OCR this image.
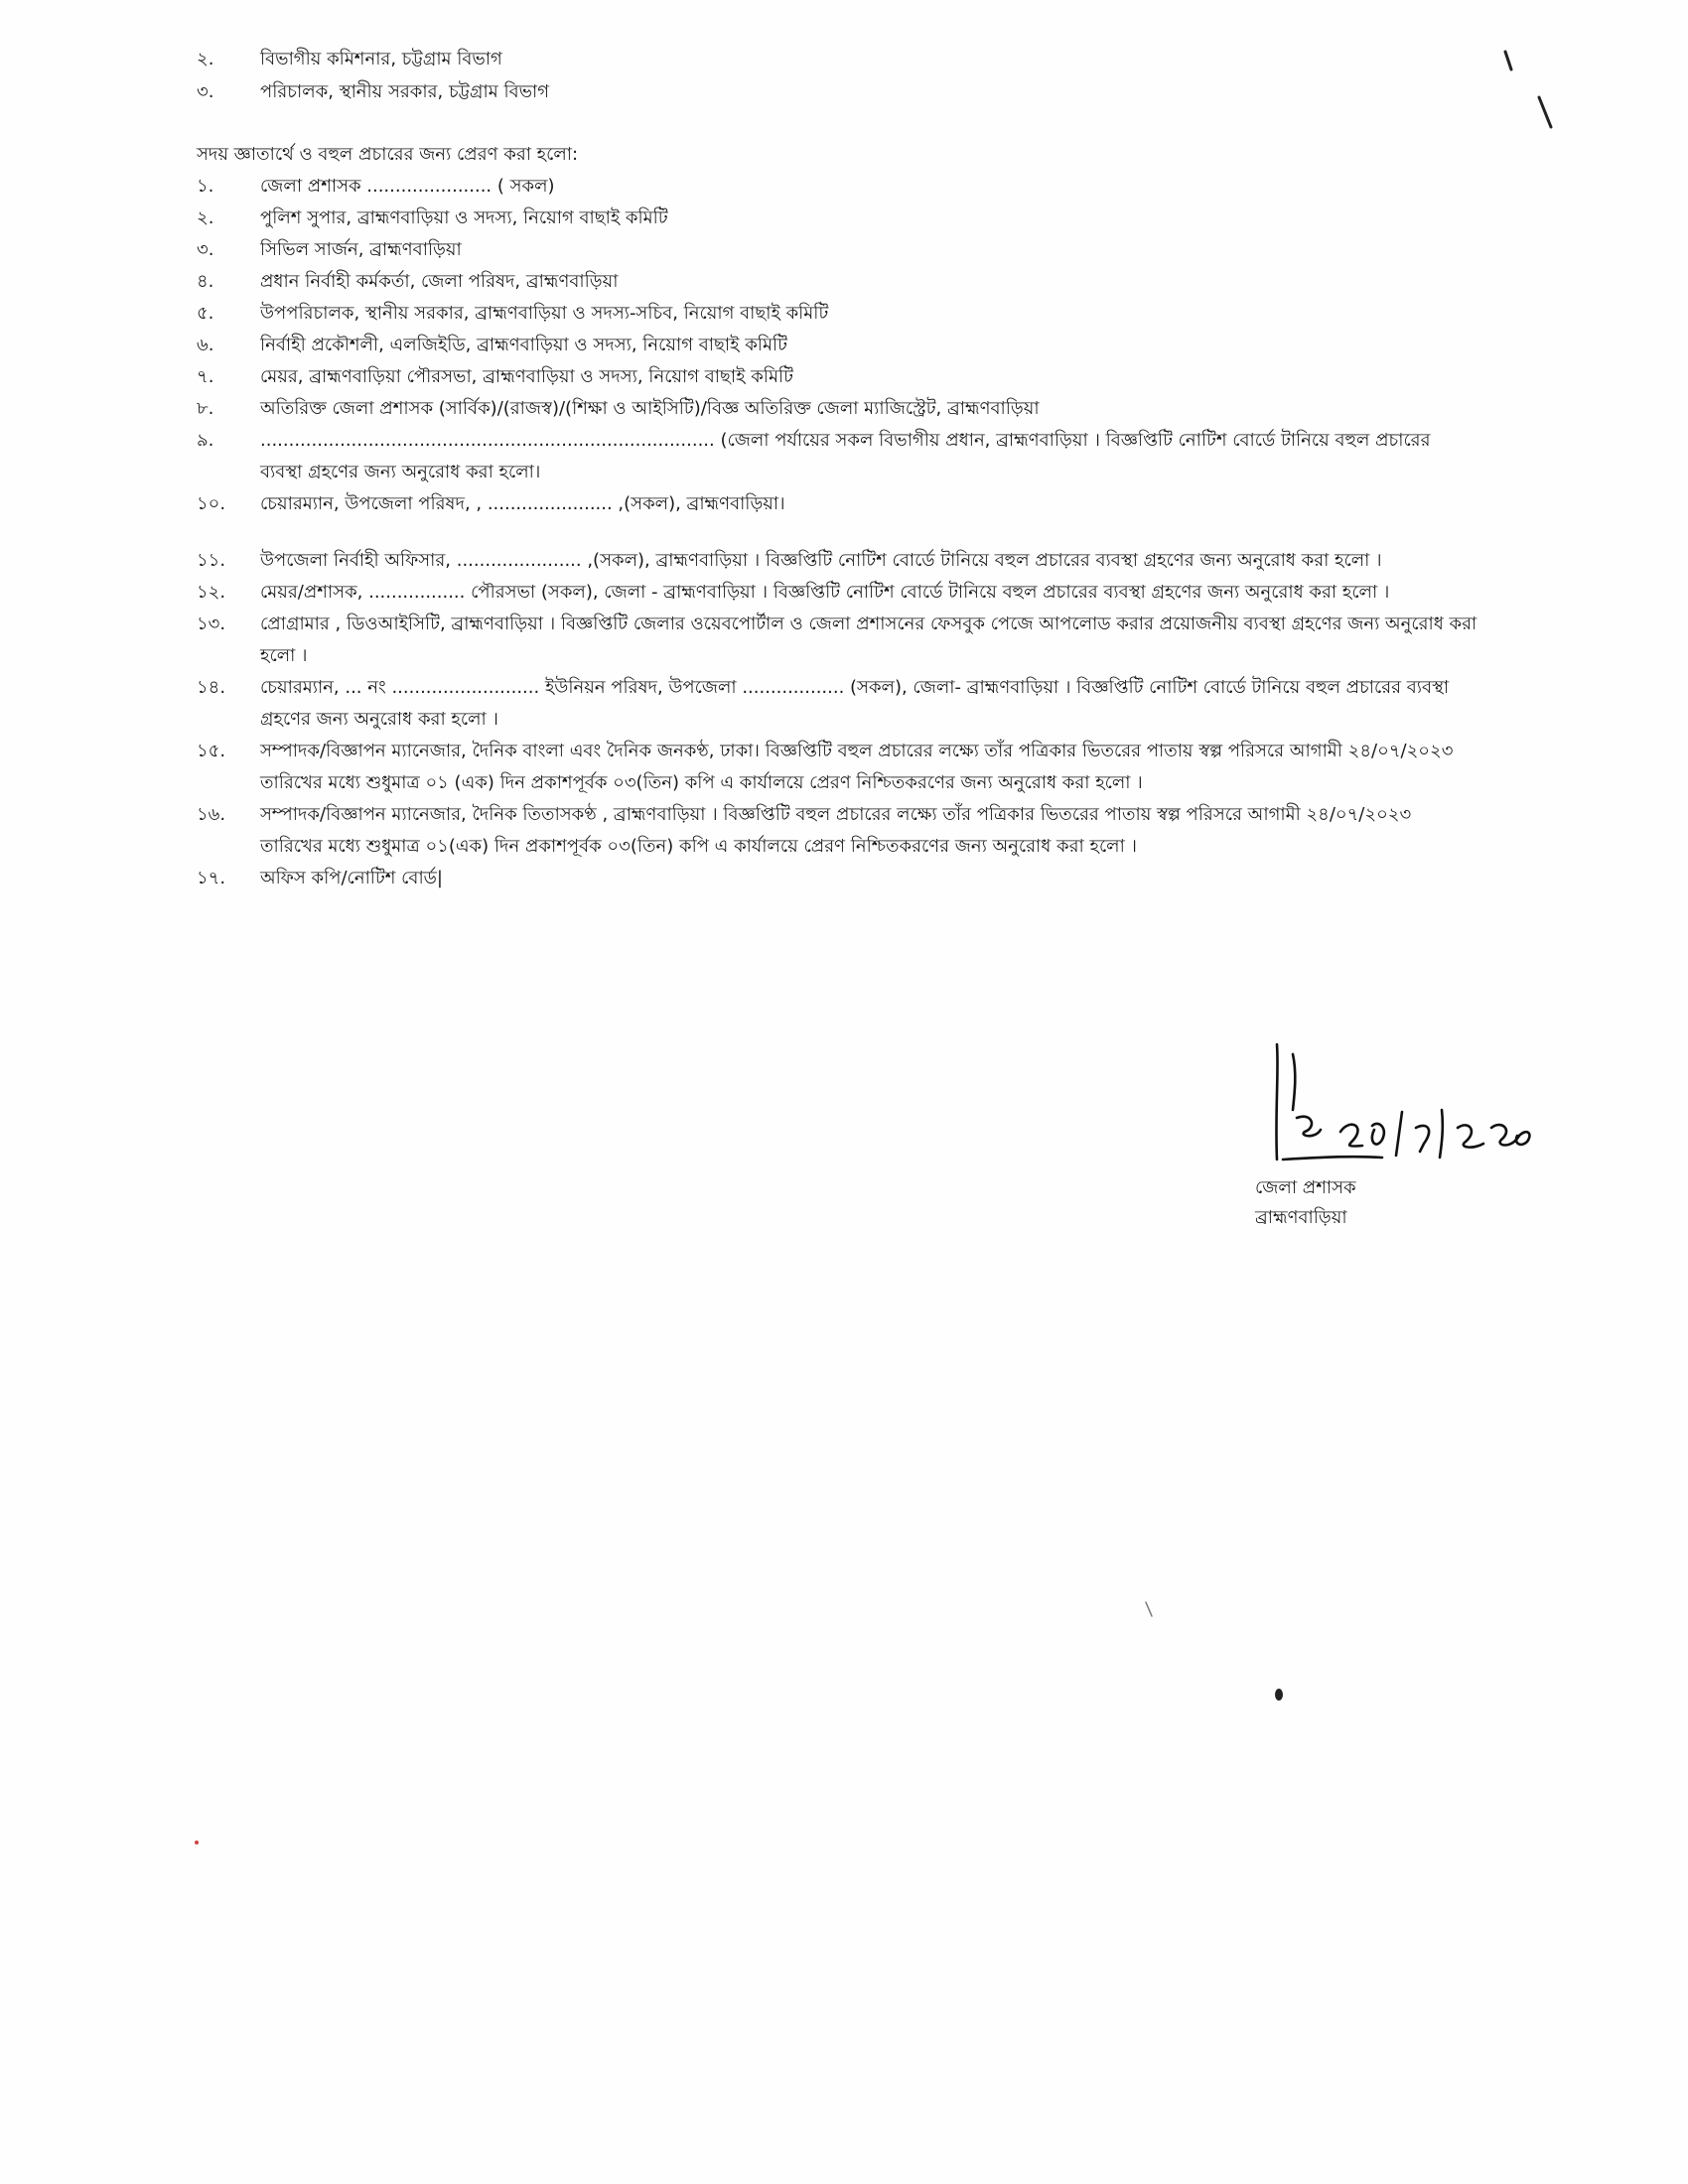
২.	বিভাগীয় কমিশনার, চট্টগ্রাম বিভাগ
৩.	পরিচালক, স্থানীয় সরকার, চট্টগ্রাম বিভাগ
সদয় জ্ঞাতার্থে ও বহুল প্রচারের জন্য প্রেরণ করা হলো:
১.	জেলা প্রশাসক ...................... ( সকল)
২.	পুলিশ সুপার, ব্রাহ্মণবাড়িয়া ও সদস্য, নিয়োগ বাছাই কমিটি
৩.	সিভিল সার্জন, ব্রাহ্মণবাড়িয়া
৪.	প্রধান নির্বাহী কর্মকর্তা, জেলা পরিষদ, ব্রাহ্মণবাড়িয়া
৫.	উপপরিচালক, স্থানীয় সরকার, ব্রাহ্মণবাড়িয়া ও সদস্য-সচিব, নিয়োগ বাছাই কমিটি
৬.	নির্বাহী প্রকৌশলী, এলজিইডি, ব্রাহ্মণবাড়িয়া ও সদস্য, নিয়োগ বাছাই কমিটি
৭.	মেয়র, ব্রাহ্মণবাড়িয়া পৌরসভা, ব্রাহ্মণবাড়িয়া ও সদস্য, নিয়োগ বাছাই কমিটি
৮.	অতিরিক্ত জেলা প্রশাসক (সার্বিক)/(রাজস্ব)/(শিক্ষা ও আইসিটি)/বিজ্ঞ অতিরিক্ত জেলা ম্যাজিস্ট্রেট, ব্রাহ্মণবাড়িয়া
৯.	................................................................................ (জেলা পর্যায়ের সকল বিভাগীয় প্রধান, ব্রাহ্মণবাড়িয়া । বিজ্ঞপ্তিটি নোটিশ বোর্ডে টানিয়ে বহুল প্রচারের ব্যবস্থা গ্রহণের জন্য অনুরোধ করা হলো।
১০.	চেয়ারম্যান, উপজেলা পরিষদ, , ...................... ,(সকল), ব্রাহ্মণবাড়িয়া।
১১.	উপজেলা নির্বাহী অফিসার, ...................... ,(সকল), ব্রাহ্মণবাড়িয়া । বিজ্ঞপ্তিটি নোটিশ বোর্ডে টানিয়ে বহুল প্রচারের ব্যবস্থা গ্রহণের জন্য অনুরোধ করা হলো ।
১২.	মেয়র/প্রশাসক, ................. পৌরসভা (সকল), জেলা - ব্রাহ্মণবাড়িয়া । বিজ্ঞপ্তিটি নোটিশ বোর্ডে টানিয়ে বহুল প্রচারের ব্যবস্থা গ্রহণের জন্য অনুরোধ করা হলো ।
১৩.	প্রোগ্রামার , ডিওআইসিটি, ব্রাহ্মণবাড়িয়া । বিজ্ঞপ্তিটি জেলার ওয়েবপোর্টাল ও জেলা প্রশাসনের ফেসবুক পেজে আপলোড করার প্রয়োজনীয় ব্যবস্থা গ্রহণের জন্য অনুরোধ করা হলো ।
১৪.	চেয়ারম্যান, ... নং .......................... ইউনিয়ন পরিষদ, উপজেলা .................. (সকল), জেলা- ব্রাহ্মণবাড়িয়া । বিজ্ঞপ্তিটি নোটিশ বোর্ডে টানিয়ে বহুল প্রচারের ব্যবস্থা গ্রহণের জন্য অনুরোধ করা হলো ।
১৫.	সম্পাদক/বিজ্ঞাপন ম্যানেজার, দৈনিক বাংলা এবং দৈনিক জনকণ্ঠ, ঢাকা। বিজ্ঞপ্তিটি বহুল প্রচারের লক্ষ্যে তাঁর পত্রিকার ভিতরের পাতায় স্বল্প পরিসরে আগামী ২৪/০৭/২০২৩ তারিখের মধ্যে শুধুমাত্র ০১ (এক) দিন প্রকাশপূর্বক ০৩(তিন) কপি এ কার্যালয়ে প্রেরণ নিশ্চিতকরণের জন্য অনুরোধ করা হলো ।
১৬.	সম্পাদক/বিজ্ঞাপন ম্যানেজার, দৈনিক তিতাসকণ্ঠ , ব্রাহ্মণবাড়িয়া । বিজ্ঞপ্তিটি বহুল প্রচারের লক্ষ্যে তাঁর পত্রিকার ভিতরের পাতায় স্বল্প পরিসরে আগামী ২৪/০৭/২০২৩ তারিখের মধ্যে শুধুমাত্র ০১(এক) দিন প্রকাশপূর্বক ০৩(তিন) কপি এ কার্যালয়ে প্রেরণ নিশ্চিতকরণের জন্য অনুরোধ করা হলো ।
১৭.	অফিস কপি/নোটিশ বোর্ড|
জেলা প্রশাসক
ব্রাহ্মণবাড়িয়া
